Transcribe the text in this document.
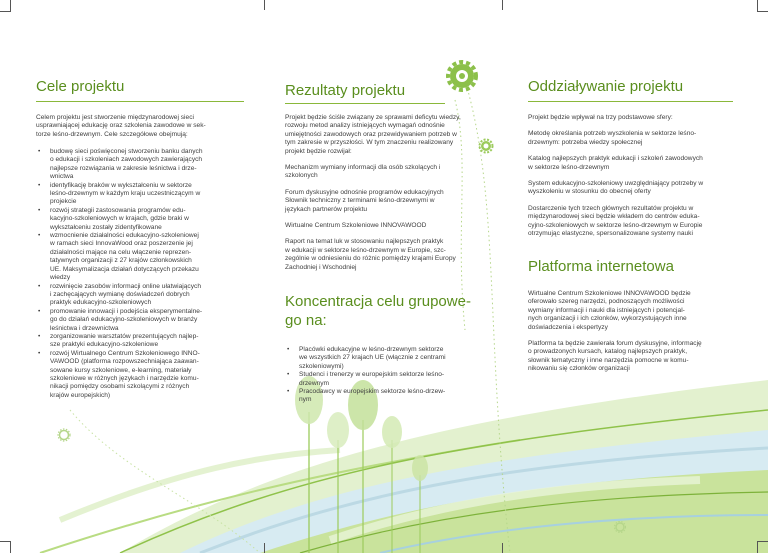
Cele projektu

Celem projektu jest stworzenie międzynarodowej sieci
usprawniającej edukację oraz szkolenia zawodowe w sek-
torze leśno-drzewnym. Cele szczegółowe obejmują:

• budowę sieci poświęconej stworzeniu banku danych
o edukacji i szkoleniach zawodowych zawierających
najlepsze rozwiązania w zakresie leśnictwa i drze-
wnictwa
• identyfikację braków w wykształceniu w sektorze
leśno-drzewnym w każdym kraju uczestniczącym w
projekcie
• rozwój strategii zastosowania programów edu-
kacyjno-szkoleniowych w krajach, gdzie braki w
wykształceniu zostały zidentyfikowane
• wzmocnienie działalności edukacyjno-szkoleniowej
w ramach sieci InnovaWood oraz poszerzenie jej
działalności mające na celu włączenie reprezen-
tatywnych organizacji z 27 krajów członkowskich
UE. Maksymalizacja działań dotyczących przekazu
wiedzy
• rozwinięcie zasobów informacji online ułatwiających
i zachęcających wymianę doświadczeń dobrych
praktyk edukacyjno-szkoleniowych
• promowanie innowacji i podejścia eksperymentalne-
go do działań edukacyjno-szkoleniowych w branży
leśnictwa i drzewnictwa
• zorganizowanie warsztatów prezentujących najlep-
sze praktyki edukacyjno-szkoleniowe
• rozwój Wirtualnego Centrum Szkoleniowego INNO-
VAWOOD (platforma rozpowszechniająca zaawan-
sowane kursy szkoleniowe, e-learning, materiały
szkoleniowe w różnych językach i narzędzie komu-
nikacji pomiędzy osobami szkolącymi z różnych
krajów europejskich)
Rezultaty projektu

Projekt będzie ściśle związany ze sprawami deficytu wiedzy,
rozwoju metod analizy istniejących wymagań odnośnie
umiejętności zawodowych oraz przewidywaniem potrzeb w
tym zakresie w przyszłości. W tym znaczeniu realizowany
projekt będzie rozwijał:

Mechanizm wymiany informacji dla osób szkolących i
szkolonych

Forum dyskusyjne odnośnie programów edukacyjnych
Słownik techniczny z terminami leśno-drzewnymi w
językach partnerów projektu

Wirtualne Centrum Szkoleniowe INNOVAWOOD

Raport na temat luk w stosowaniu najlepszych praktyk
w edukacji w sektorze leśno-drzewnym w Europie, szc-
zególnie w odniesieniu do różnic pomiędzy krajami Europy
Zachodniej i Wschodniej

Koncentracja celu grupowe-
go na:
• Placówki edukacyjne w leśno-drzewnym sektorze
we wszystkich 27 krajach UE (włącznie z centrami
szkoleniowymi)
• Studenci i trenerzy w europejskim sektorze leśno-
drzewnym
• Pracodawcy w europejskim sektorze leśno-drzew-
nym
Oddziaływanie projektu

Projekt będzie wpływał na trzy podstawowe sfery:

Metodę określania potrzeb wyszkolenia w sektorze leśno-
drzewnym: potrzeba wiedzy społecznej

Katalog najlepszych praktyk edukacji i szkoleń zawodowych
w sektorze leśno-drzewnym

System edukacyjno-szkoleniowy uwzględniający potrzeby w
wyszkoleniu w stosunku do obecnej oferty

Dostarczenie tych trzech głównych rezultatów projektu w
międzynarodowej sieci będzie wkładem do centrów eduka-
cyjno-szkoleniowych w sektorze leśno-drzewnym w Europie
otrzymując elastyczne, spersonalizowane systemy nauki

Platforma internetowa

Wirtualne Centrum Szkoleniowe INNOVAWOOD będzie
oferowało szereg narzędzi, podnoszących możliwości
wymiany informacji i nauki dla istniejących i potencjal-
nych organizacji i ich członków, wykorzystujących inne
doświadczenia i ekspertyzy

Platforma ta będzie zawierała forum dyskusyjne, informację
o prowadzonych kursach, katalog najlepszych praktyk,
słownik tematyczny i inne narzędzia pomocne w komu-
nikowaniu się członków organizacji
